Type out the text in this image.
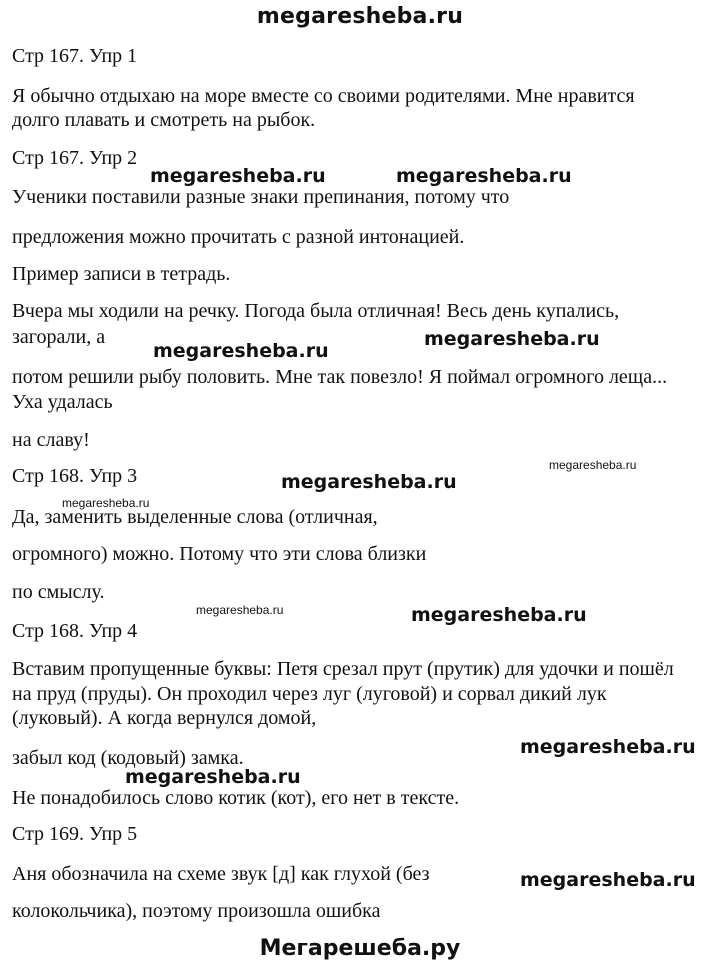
megaresheba.ru
Стр 167. Упр 1
Я обычно отдыхаю на море вместе со своими родителями. Мне нравится
долго плавать и смотреть на рыбок.
Стр 167. Упр 2
Ученики поставили разные знаки препинания, потому что
предложения можно прочитать с разной интонацией.
Пример записи в тетрадь.
Вчера мы ходили на речку. Погода была отличная! Весь день купались,
загорали, а
потом решили рыбу половить. Мне так повезло! Я поймал огромного леща...
Уха удалась
на славу!
Стр 168. Упр 3
Да, заменить выделенные слова (отличная,
огромного) можно. Потому что эти слова близки
по смыслу.
Стр 168. Упр 4
Вставим пропущенные буквы: Петя срезал прут (прутик) для удочки и пошёл
на пруд (пруды). Он проходил через луг (луговой) и сорвал дикий лук
(луковый). А когда вернулся домой,
забыл код (кодовый) замка.
Не понадобилось слово котик (кот), его нет в тексте.
Стр 169. Упр 5
Аня обозначила на схеме звук [д] как глухой (без
колокольчика), поэтому произошла ошибка
megaresheba.ru	megaresheba.ru
megaresheba.ru
megaresheba.ru
megaresheba.ru
megaresheba.ru
megaresheba.ru
megaresheba.ru
megaresheba.ru
megaresheba.ru
megaresheba.ru
megaresheba.ru
Мегарешеба.ру
